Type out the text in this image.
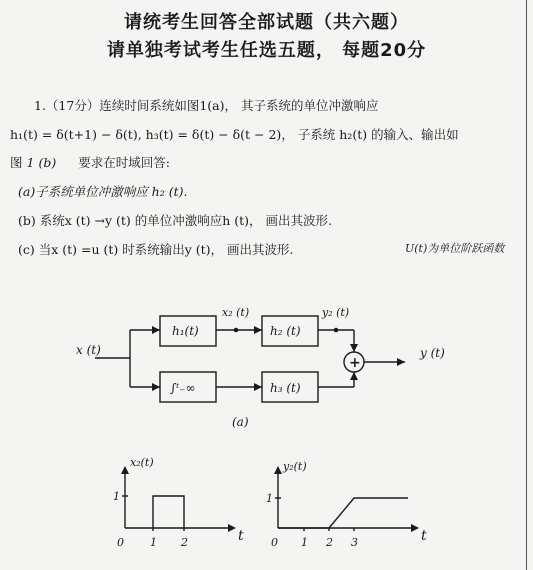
请统考生回答全部试题（共六题）
请单独考试考生任选五题， 每题20分
1.（17分）连续时间系统如图1(a)， 其子系统的单位冲激响应
h₁(t) = δ(t+1) − δ(t), h₃(t) = δ(t) − δ(t − 2)， 子系统 h₂(t) 的输入、输出如
图 1 (b) 要求在时域回答:
(a)子系统单位冲激响应 h₂ (t).
(b) 系统x (t) →y (t) 的单位冲激响应h (t)， 画出其波形.
(c) 当x (t) =u (t) 时系统输出y (t)， 画出其波形.	U(t)为单位阶跃函数
x (t)
h₁(t)
∫ᵗ₋∞
h₂ (t)
h₃ (t)
x₂ (t)	y₂ (t)
+
y (t)
(a)
x₂(t)
t
1
0 1 2
y₂(t)
t
1
0 1 2 3
